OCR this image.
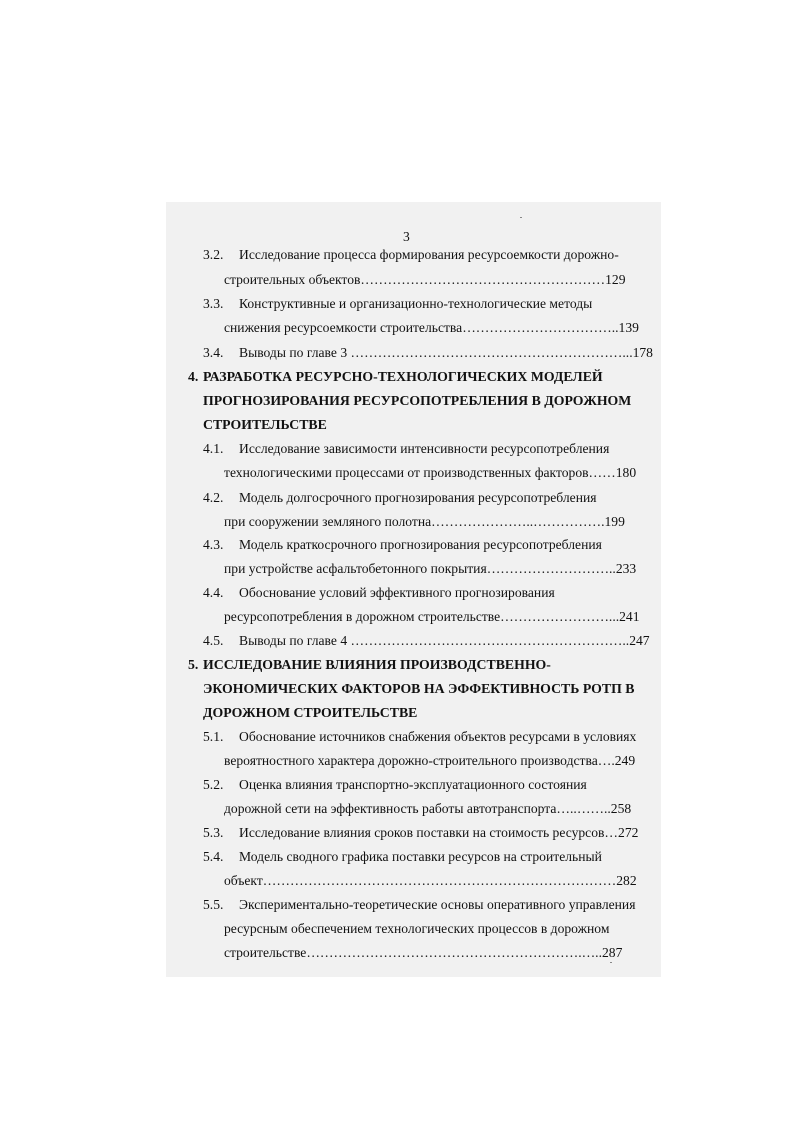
3
3.2. Исследование процесса формирования ресурсоемкости дорожно-
строительных объектов………………………………………………129
3.3. Конструктивные и организационно-технологические методы
снижения ресурсоемкости строительства……………………………..139
3.4. Выводы по главе 3 ……………………………………………………...178
4. РАЗРАБОТКА РЕСУРСНО-ТЕХНОЛОГИЧЕСКИХ МОДЕЛЕЙ
ПРОГНОЗИРОВАНИЯ РЕСУРСОПОТРЕБЛЕНИЯ В ДОРОЖНОМ
СТРОИТЕЛЬСТВЕ
4.1. Исследование зависимости интенсивности ресурсопотребления
технологическими процессами от производственных факторов……180
4.2. Модель долгосрочного прогнозирования ресурсопотребления
при сооружении земляного полотна…………………..…………….199
4.3. Модель краткосрочного прогнозирования ресурсопотребления
при устройстве асфальтобетонного покрытия………………………..233
4.4. Обоснование условий эффективного прогнозирования
ресурсопотребления в дорожном строительстве……………………...241
4.5. Выводы по главе 4 ……………………………………………………..247
5. ИССЛЕДОВАНИЕ ВЛИЯНИЯ ПРОИЗВОДСТВЕННО-
ЭКОНОМИЧЕСКИХ ФАКТОРОВ НА ЭФФЕКТИВНОСТЬ РОТП В
ДОРОЖНОМ СТРОИТЕЛЬСТВЕ
5.1. Обоснование источников снабжения объектов ресурсами в условиях
вероятностного характера дорожно-строительного производства….249
5.2. Оценка влияния транспортно-эксплуатационного состояния
дорожной сети на эффективность работы автотранспорта…..……..258
5.3. Исследование влияния сроков поставки на стоимость ресурсов…272
5.4. Модель сводного графика поставки ресурсов на строительный
объект……………………………………………………………………282
5.5. Экспериментально-теоретические основы оперативного управления
ресурсным обеспечением технологических процессов в дорожном
строительстве…………………………………………………….…..287
